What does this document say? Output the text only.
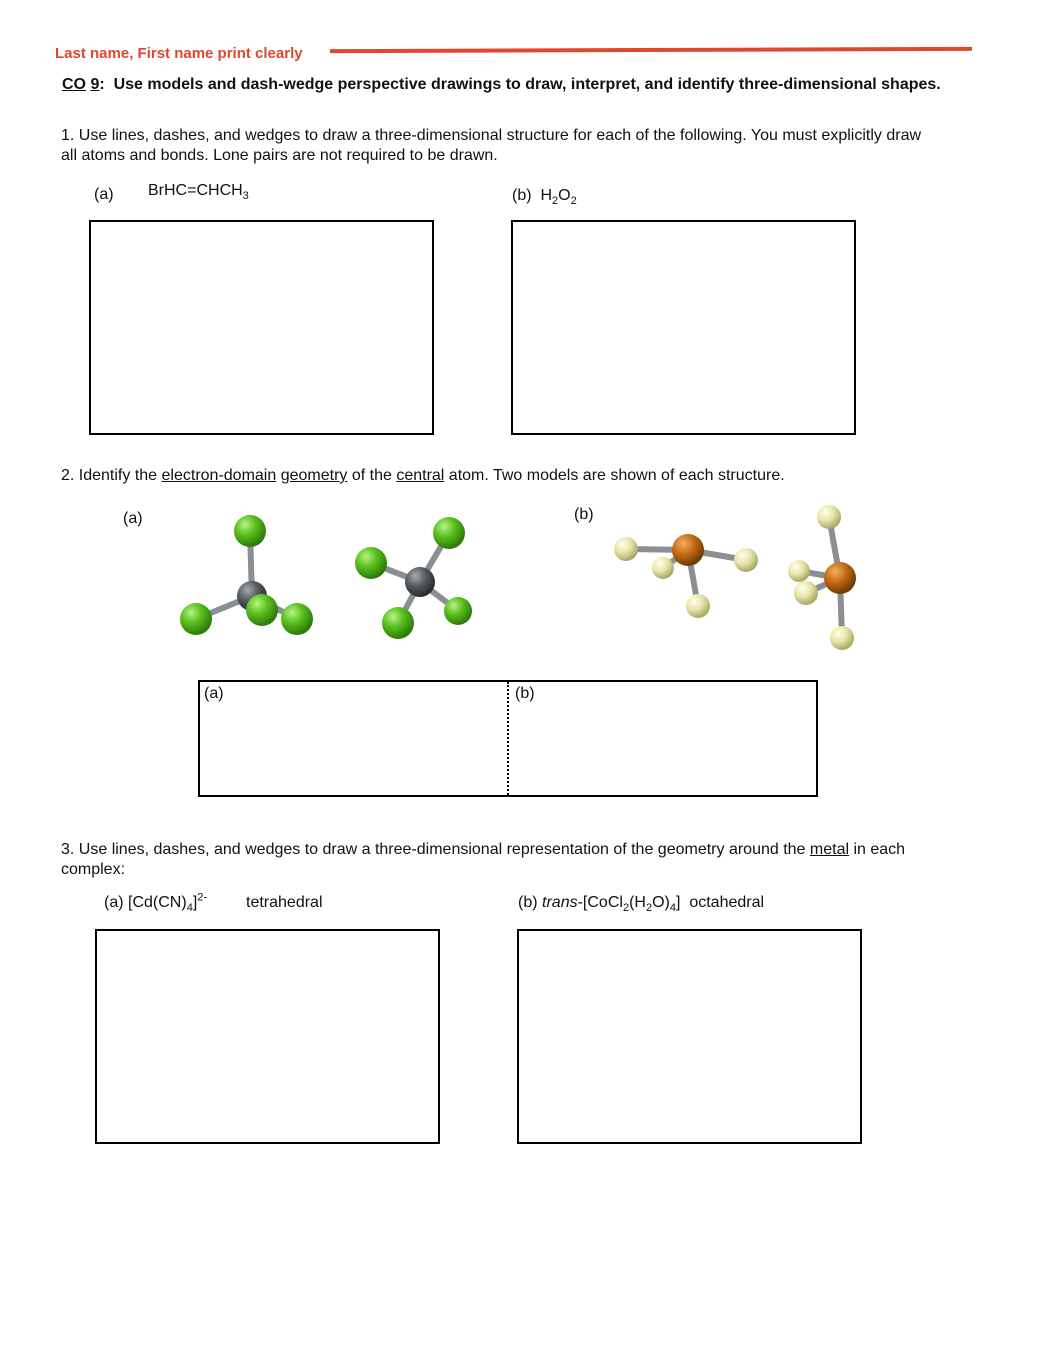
Last name, First name print clearly
CO 9: Use models and dash-wedge perspective drawings to draw, interpret, and identify three-dimensional shapes.
1. Use lines, dashes, and wedges to draw a three-dimensional structure for each of the following. You must explicitly draw all atoms and bonds. Lone pairs are not required to be drawn.
(a) $BrHC=CHCH_3$	(b) $H_2O_2$
2. Identify the electron-domain geometry of the central atom. Two models are shown of each structure.
(a)	(b)
(a)	(b)
3. Use lines, dashes, and wedges to draw a three-dimensional representation of the geometry around the metal in each complex:
(a) $[Cd(CN)_4]^{2-}$ tetrahedral	(b) trans-$[CoCl_2(H_2O)_4]$ octahedral
